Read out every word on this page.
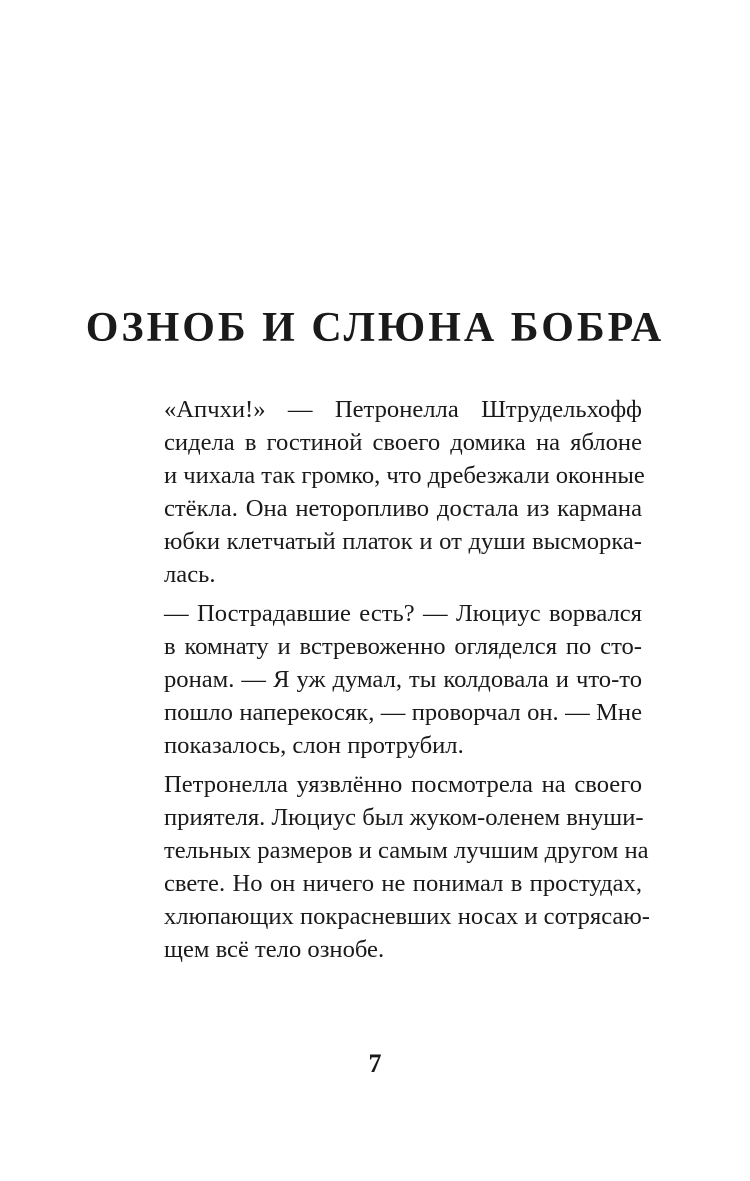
ОЗНОБ И СЛЮНА БОБРА

«Апчхи!» — Петронелла Штрудельхофф
сидела в гостиной своего домика на яблоне
и чихала так громко, что дребезжали оконные
стёкла. Она неторопливо достала из кармана
юбки клетчатый платок и от души высморка-
лась.

— Пострадавшие есть? — Люциус ворвался
в комнату и встревоженно огляделся по сто-
ронам. — Я уж думал, ты колдовала и что-то
пошло наперекосяк, — проворчал он. — Мне
показалось, слон протрубил.

Петронелла уязвлённо посмотрела на своего
приятеля. Люциус был жуком-оленем внуши-
тельных размеров и самым лучшим другом на
свете. Но он ничего не понимал в простудах,
хлюпающих покрасневших носах и сотрясаю-
щем всё тело ознобе.

7
